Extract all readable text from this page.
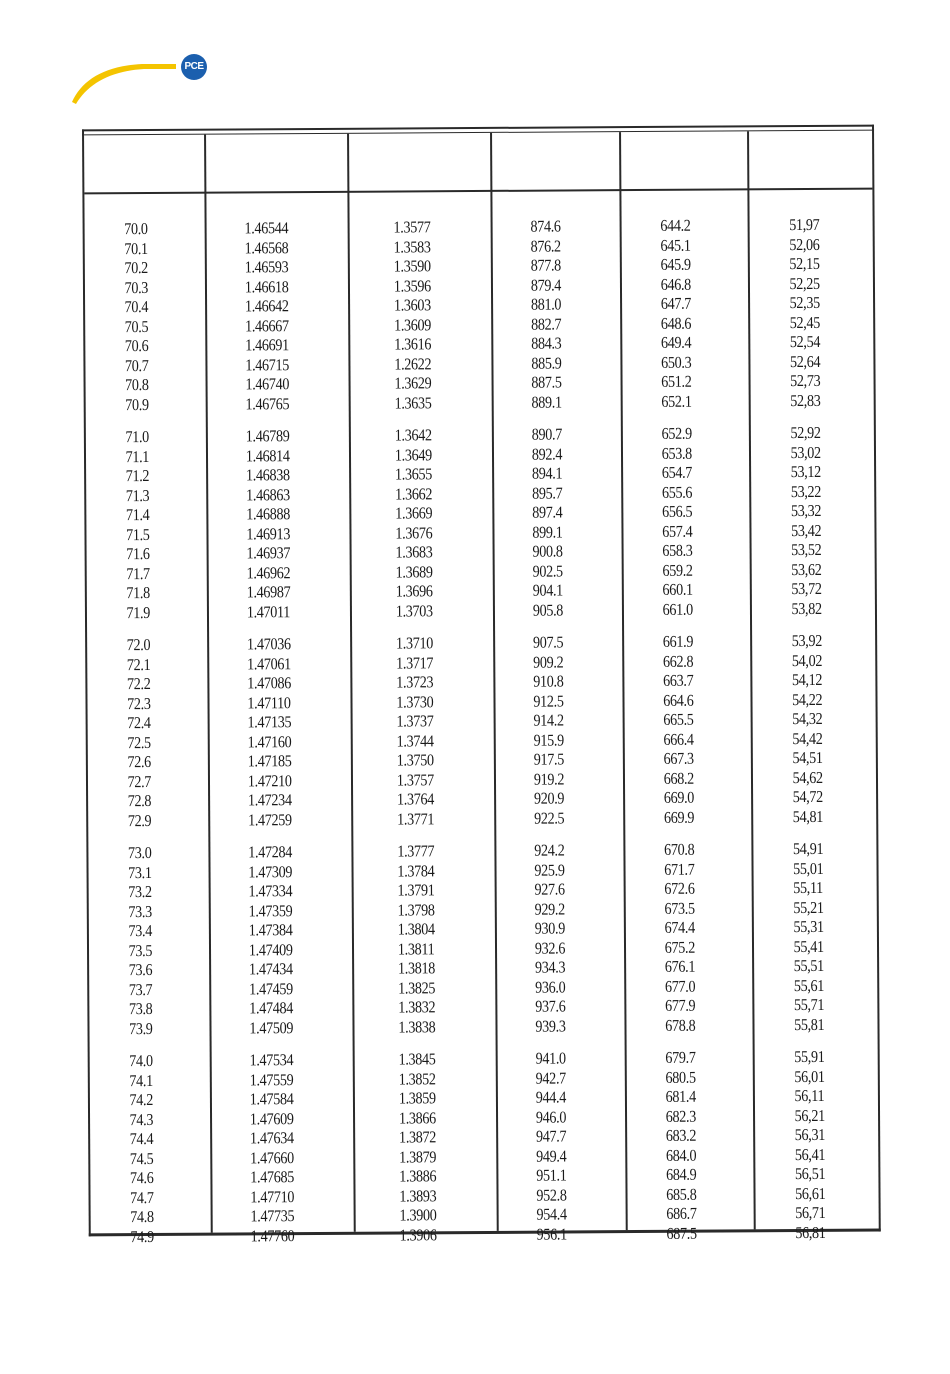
PCE
70.0
70.1
70.2
70.3
70.4
70.5
70.6
70.7
70.8
70.9
71.0
71.1
71.2
71.3
71.4
71.5
71.6
71.7
71.8
71.9
72.0
72.1
72.2
72.3
72.4
72.5
72.6
72.7
72.8
72.9
73.0
73.1
73.2
73.3
73.4
73.5
73.6
73.7
73.8
73.9
74.0
74.1
74.2
74.3
74.4
74.5
74.6
74.7
74.8
74.9
1.46544
1.46568
1.46593
1.46618
1.46642
1.46667
1.46691
1.46715
1.46740
1.46765
1.46789
1.46814
1.46838
1.46863
1.46888
1.46913
1.46937
1.46962
1.46987
1.47011
1.47036
1.47061
1.47086
1.47110
1.47135
1.47160
1.47185
1.47210
1.47234
1.47259
1.47284
1.47309
1.47334
1.47359
1.47384
1.47409
1.47434
1.47459
1.47484
1.47509
1.47534
1.47559
1.47584
1.47609
1.47634
1.47660
1.47685
1.47710
1.47735
1.47760
1.3577
1.3583
1.3590
1.3596
1.3603
1.3609
1.3616
1.2622
1.3629
1.3635
1.3642
1.3649
1.3655
1.3662
1.3669
1.3676
1.3683
1.3689
1.3696
1.3703
1.3710
1.3717
1.3723
1.3730
1.3737
1.3744
1.3750
1.3757
1.3764
1.3771
1.3777
1.3784
1.3791
1.3798
1.3804
1.3811
1.3818
1.3825
1.3832
1.3838
1.3845
1.3852
1.3859
1.3866
1.3872
1.3879
1.3886
1.3893
1.3900
1.3906
874.6
876.2
877.8
879.4
881.0
882.7
884.3
885.9
887.5
889.1
890.7
892.4
894.1
895.7
897.4
899.1
900.8
902.5
904.1
905.8
907.5
909.2
910.8
912.5
914.2
915.9
917.5
919.2
920.9
922.5
924.2
925.9
927.6
929.2
930.9
932.6
934.3
936.0
937.6
939.3
941.0
942.7
944.4
946.0
947.7
949.4
951.1
952.8
954.4
956.1
644.2
645.1
645.9
646.8
647.7
648.6
649.4
650.3
651.2
652.1
652.9
653.8
654.7
655.6
656.5
657.4
658.3
659.2
660.1
661.0
661.9
662.8
663.7
664.6
665.5
666.4
667.3
668.2
669.0
669.9
670.8
671.7
672.6
673.5
674.4
675.2
676.1
677.0
677.9
678.8
679.7
680.5
681.4
682.3
683.2
684.0
684.9
685.8
686.7
687.5
51,97
52,06
52,15
52,25
52,35
52,45
52,54
52,64
52,73
52,83
52,92
53,02
53,12
53,22
53,32
53,42
53,52
53,62
53,72
53,82
53,92
54,02
54,12
54,22
54,32
54,42
54,51
54,62
54,72
54,81
54,91
55,01
55,11
55,21
55,31
55,41
55,51
55,61
55,71
55,81
55,91
56,01
56,11
56,21
56,31
56,41
56,51
56,61
56,71
56,81
